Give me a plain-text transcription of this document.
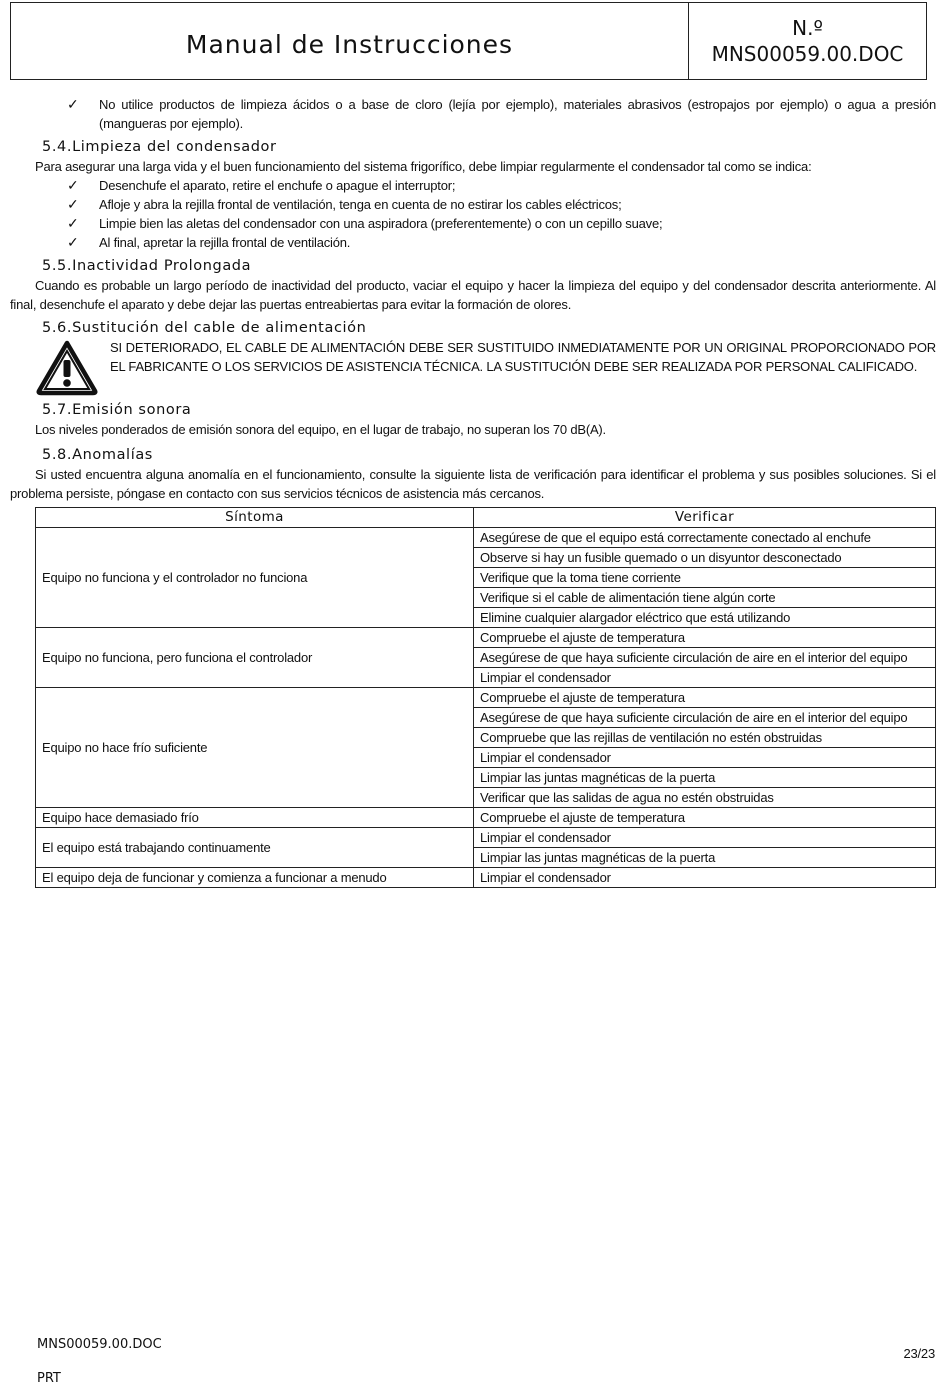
Manual de Instrucciones
N.º
MNS00059.00.DOC
✓ No utilice productos de limpieza ácidos o a base de cloro (lejía por ejemplo), materiales abrasivos (estropajos por ejemplo) o agua a presión (mangueras por ejemplo).
5.4.Limpieza del condensador
Para asegurar una larga vida y el buen funcionamiento del sistema frigorífico, debe limpiar regularmente el condensador tal como se indica:
✓ Desenchufe el aparato, retire el enchufe o apague el interruptor;
✓ Afloje y abra la rejilla frontal de ventilación, tenga en cuenta de no estirar los cables eléctricos;
✓ Limpie bien las aletas del condensador con una aspiradora (preferentemente) o con un cepillo suave;
✓ Al final, apretar la rejilla frontal de ventilación.
5.5.Inactividad Prolongada
Cuando es probable un largo período de inactividad del producto, vaciar el equipo y hacer la limpieza del equipo y del condensador descrita anteriormente. Al final, desenchufe el aparato y debe dejar las puertas entreabiertas para evitar la formación de olores.
5.6.Sustitución del cable de alimentación
SI DETERIORADO, EL CABLE DE ALIMENTACIÓN DEBE SER SUSTITUIDO INMEDIATAMENTE POR UN ORIGINAL PROPORCIONADO POR EL FABRICANTE O LOS SERVICIOS DE ASISTENCIA TÉCNICA. LA SUSTITUCIÓN DEBE SER REALIZADA POR PERSONAL CALIFICADO.
5.7.Emisión sonora
Los niveles ponderados de emisión sonora del equipo, en el lugar de trabajo, no superan los 70 dB(A).
5.8.Anomalías
Si usted encuentra alguna anomalía en el funcionamiento, consulte la siguiente lista de verificación para identificar el problema y sus posibles soluciones. Si el problema persiste, póngase en contacto con sus servicios técnicos de asistencia más cercanos.
Síntoma	Verificar
Equipo no funciona y el controlador no funciona	Asegúrese de que el equipo está correctamente conectado al enchufe
	Observe si hay un fusible quemado o un disyuntor desconectado
	Verifique que la toma tiene corriente
	Verifique si el cable de alimentación tiene algún corte
	Elimine cualquier alargador eléctrico que está utilizando
Equipo no funciona, pero funciona el controlador	Compruebe el ajuste de temperatura
	Asegúrese de que haya suficiente circulación de aire en el interior del equipo
	Limpiar el condensador
Equipo no hace frío suficiente	Compruebe el ajuste de temperatura
	Asegúrese de que haya suficiente circulación de aire en el interior del equipo
	Compruebe que las rejillas de ventilación no estén obstruidas
	Limpiar el condensador
	Limpiar las juntas magnéticas de la puerta
	Verificar que las salidas de agua no estén obstruidas
Equipo hace demasiado frío	Compruebe el ajuste de temperatura
El equipo está trabajando continuamente	Limpiar el condensador
	Limpiar las juntas magnéticas de la puerta
El equipo deja de funcionar y comienza a funcionar a menudo	Limpiar el condensador
MNS00059.00.DOC
PRT
23/23
